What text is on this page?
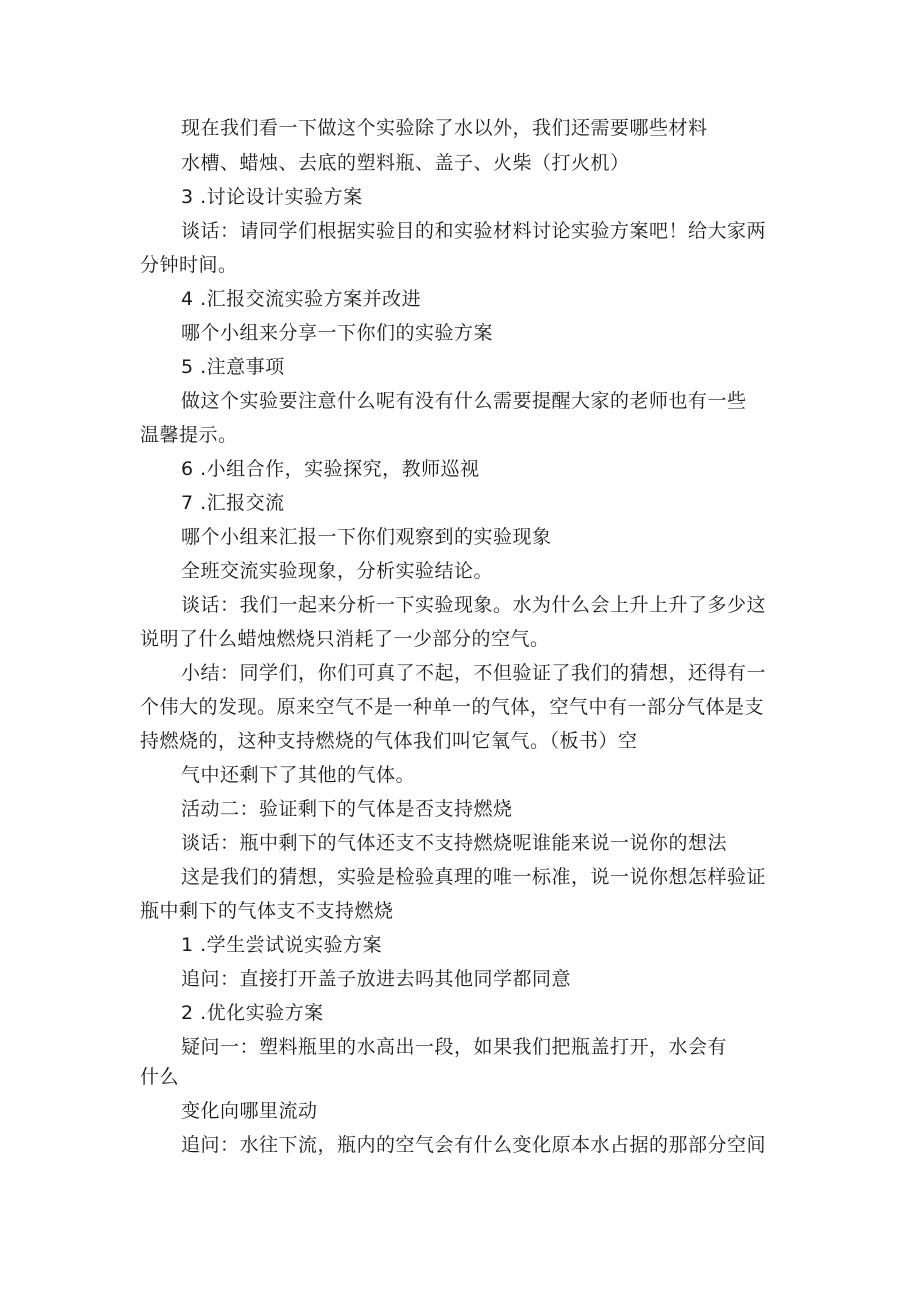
现在我们看一下做这个实验除了水以外，我们还需要哪些材料
水槽、蜡烛、去底的塑料瓶、盖子、火柴（打火机）
3 .讨论设计实验方案
谈话：请同学们根据实验目的和实验材料讨论实验方案吧！给大家两
分钟时间。
4 .汇报交流实验方案并改进
哪个小组来分享一下你们的实验方案
5 .注意事项
做这个实验要注意什么呢有没有什么需要提醒大家的老师也有一些
温馨提示。
6 .小组合作，实验探究，教师巡视
7 .汇报交流
哪个小组来汇报一下你们观察到的实验现象
全班交流实验现象，分析实验结论。
谈话：我们一起来分析一下实验现象。水为什么会上升上升了多少这
说明了什么蜡烛燃烧只消耗了一少部分的空气。
小结：同学们，你们可真了不起，不但验证了我们的猜想，还得有一
个伟大的发现。原来空气不是一种单一的气体，空气中有一部分气体是支
持燃烧的，这种支持燃烧的气体我们叫它氧气。（板书）空
气中还剩下了其他的气体。
活动二：验证剩下的气体是否支持燃烧
谈话：瓶中剩下的气体还支不支持燃烧呢谁能来说一说你的想法
这是我们的猜想，实验是检验真理的唯一标准，说一说你想怎样验证
瓶中剩下的气体支不支持燃烧
1 .学生尝试说实验方案
追问：直接打开盖子放进去吗其他同学都同意
2 .优化实验方案
疑问一：塑料瓶里的水高出一段，如果我们把瓶盖打开，水会有
什么
变化向哪里流动
追问：水往下流，瓶内的空气会有什么变化原本水占据的那部分空间
